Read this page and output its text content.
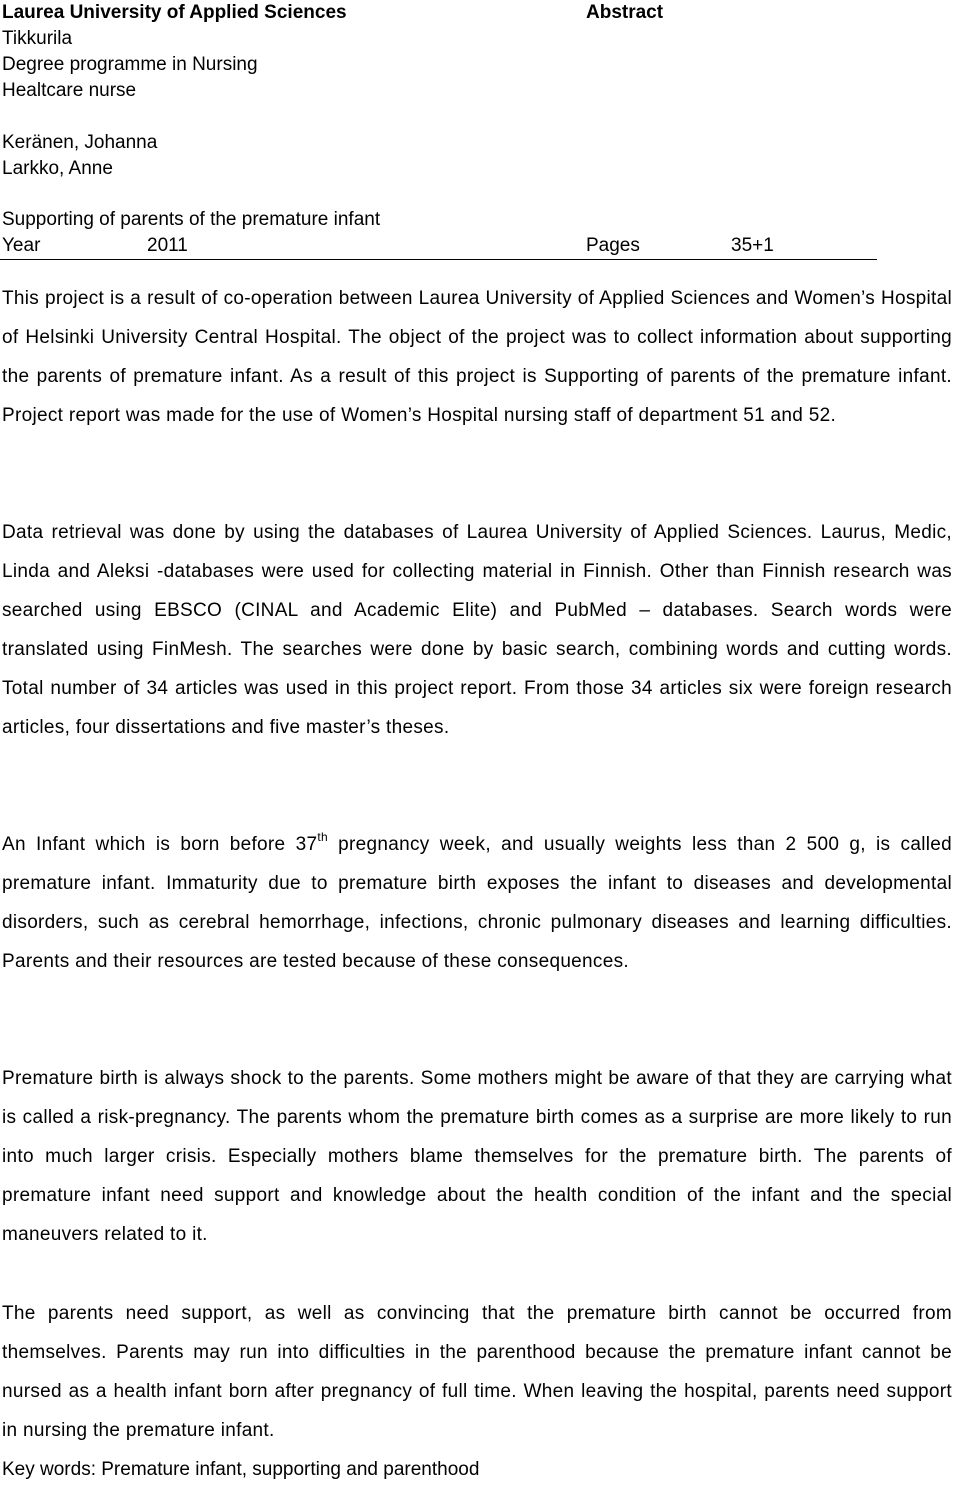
Laurea University of Applied Sciences	Abstract
Tikkurila
Degree programme in Nursing
Healtcare nurse
Keränen, Johanna
Larkko, Anne
Supporting of parents of the premature infant
Year	2011	Pages	35+1

This project is a result of co-operation between Laurea University of Applied Sciences and Women’s Hospital of Helsinki University Central Hospital. The object of the project was to collect information about supporting the parents of premature infant. As a result of this project is Supporting of parents of the premature infant. Project report was made for the use of Women’s Hospital nursing staff of department 51 and 52.

Data retrieval was done by using the databases of Laurea University of Applied Sciences. Laurus, Medic, Linda and Aleksi -databases were used for collecting material in Finnish. Other than Finnish research was searched using EBSCO (CINAL and Academic Elite) and PubMed – databases. Search words were translated using FinMesh. The searches were done by basic search, combining words and cutting words. Total number of 34 articles was used in this project report. From those 34 articles six were foreign research articles, four dissertations and five master’s theses.

An Infant which is born before 37th pregnancy week, and usually weights less than 2 500 g, is called premature infant. Immaturity due to premature birth exposes the infant to diseases and developmental disorders, such as cerebral hemorrhage, infections, chronic pulmonary diseases and learning difficulties. Parents and their resources are tested because of these consequences.

Premature birth is always shock to the parents. Some mothers might be aware of that they are carrying what is called a risk-pregnancy. The parents whom the premature birth comes as a surprise are more likely to run into much larger crisis. Especially mothers blame themselves for the premature birth. The parents of premature infant need support and knowledge about the health condition of the infant and the special maneuvers related to it.

The parents need support, as well as convincing that the premature birth cannot be occurred from themselves. Parents may run into difficulties in the parenthood because the premature infant cannot be nursed as a health infant born after pregnancy of full time. When leaving the hospital, parents need support in nursing the premature infant.

Key words: Premature infant, supporting and parenthood
